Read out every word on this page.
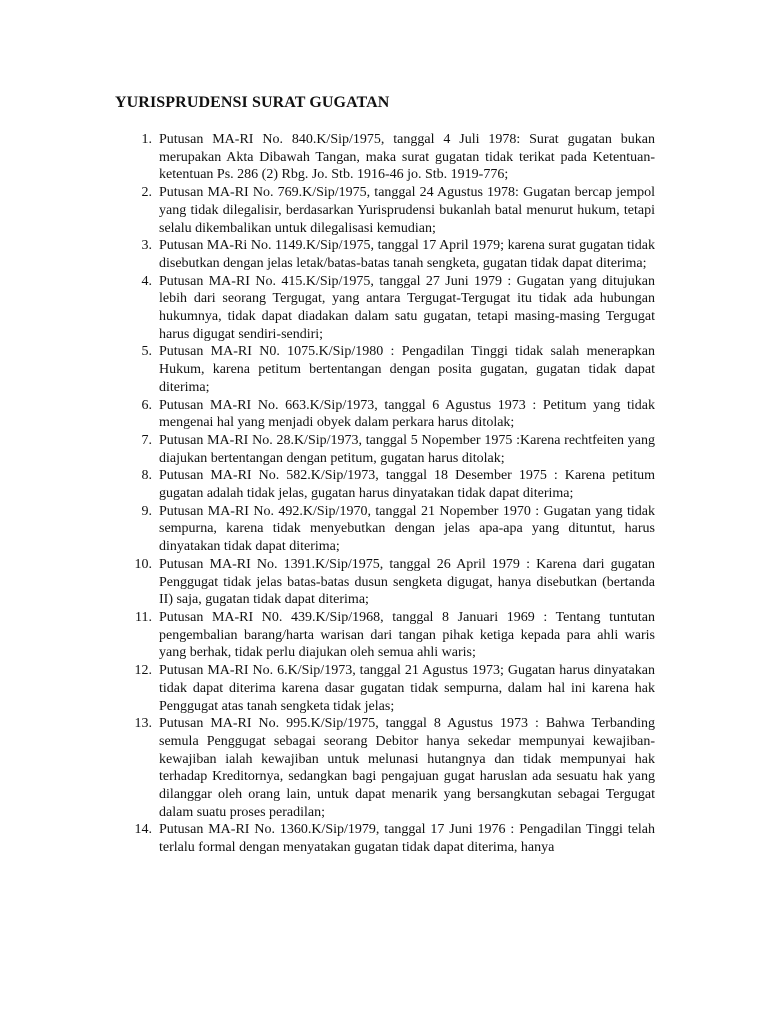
YURISPRUDENSI SURAT GUGATAN
1. Putusan MA-RI No. 840.K/Sip/1975, tanggal 4 Juli 1978: Surat gugatan bukan merupakan Akta Dibawah Tangan, maka surat gugatan tidak terikat pada Ketentuan-ketentuan Ps. 286 (2) Rbg. Jo. Stb. 1916-46 jo. Stb. 1919-776;
2. Putusan MA-RI No. 769.K/Sip/1975, tanggal 24 Agustus 1978: Gugatan bercap jempol yang tidak dilegalisir, berdasarkan Yurisprudensi bukanlah batal menurut hukum, tetapi selalu dikembalikan untuk dilegalisasi kemudian;
3. Putusan MA-Ri No. 1149.K/Sip/1975, tanggal 17 April 1979; karena surat gugatan tidak disebutkan dengan jelas letak/batas-batas tanah sengketa, gugatan tidak dapat diterima;
4. Putusan MA-RI No. 415.K/Sip/1975, tanggal 27 Juni 1979 : Gugatan yang ditujukan lebih dari seorang Tergugat, yang antara Tergugat-Tergugat itu tidak ada hubungan hukumnya, tidak dapat diadakan dalam satu gugatan, tetapi masing-masing Tergugat harus digugat sendiri-sendiri;
5. Putusan MA-RI N0. 1075.K/Sip/1980 : Pengadilan Tinggi tidak salah menerapkan Hukum, karena petitum bertentangan dengan posita gugatan, gugatan tidak dapat diterima;
6. Putusan MA-RI No. 663.K/Sip/1973, tanggal 6 Agustus 1973 : Petitum yang tidak mengenai hal yang menjadi obyek dalam perkara harus ditolak;
7. Putusan MA-RI No. 28.K/Sip/1973, tanggal 5 Nopember 1975 :Karena rechtfeiten yang diajukan bertentangan dengan petitum, gugatan harus ditolak;
8. Putusan MA-RI No. 582.K/Sip/1973, tanggal 18 Desember 1975 : Karena petitum gugatan adalah tidak jelas, gugatan harus dinyatakan tidak dapat diterima;
9. Putusan MA-RI No. 492.K/Sip/1970, tanggal 21 Nopember 1970 : Gugatan yang tidak sempurna, karena tidak menyebutkan dengan jelas apa-apa yang dituntut, harus dinyatakan tidak dapat diterima;
10. Putusan MA-RI No. 1391.K/Sip/1975, tanggal 26 April 1979 : Karena dari gugatan Penggugat tidak jelas batas-batas dusun sengketa digugat, hanya disebutkan (bertanda II) saja, gugatan tidak dapat diterima;
11. Putusan MA-RI N0. 439.K/Sip/1968, tanggal 8 Januari 1969 : Tentang tuntutan pengembalian barang/harta warisan dari tangan pihak ketiga kepada para ahli waris yang berhak, tidak perlu diajukan oleh semua ahli waris;
12. Putusan MA-RI No. 6.K/Sip/1973, tanggal 21 Agustus 1973; Gugatan harus dinyatakan tidak dapat diterima karena dasar gugatan tidak sempurna, dalam hal ini karena hak Penggugat atas tanah sengketa tidak jelas;
13. Putusan MA-RI No. 995.K/Sip/1975, tanggal 8 Agustus 1973 : Bahwa Terbanding semula Penggugat sebagai seorang Debitor hanya sekedar mempunyai kewajiban-kewajiban ialah kewajiban untuk melunasi hutangnya dan tidak mempunyai hak terhadap Kreditornya, sedangkan bagi pengajuan gugat haruslan ada sesuatu hak yang dilanggar oleh orang lain, untuk dapat menarik yang bersangkutan sebagai Tergugat dalam suatu proses peradilan;
14. Putusan MA-RI No. 1360.K/Sip/1979, tanggal 17 Juni 1976 : Pengadilan Tinggi telah terlalu formal dengan menyatakan gugatan tidak dapat diterima, hanya
